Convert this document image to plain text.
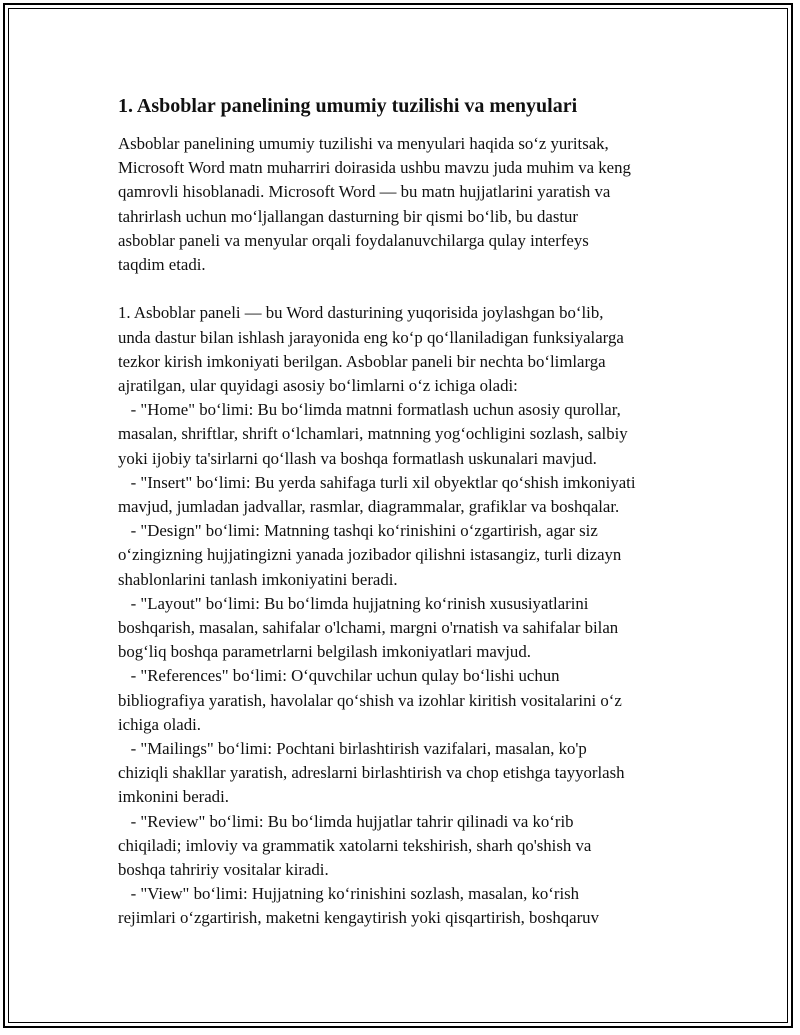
1. Asboblar panelining umumiy tuzilishi va menyulari
Asboblar panelining umumiy tuzilishi va menyulari haqida so‘z yuritsak,
Microsoft Word matn muharriri doirasida ushbu mavzu juda muhim va keng
qamrovli hisoblanadi. Microsoft Word — bu matn hujjatlarini yaratish va
tahrirlash uchun mo‘ljallangan dasturning bir qismi bo‘lib, bu dastur
asboblar paneli va menyular orqali foydalanuvchilarga qulay interfeys
taqdim etadi.
1. Asboblar paneli — bu Word dasturining yuqorisida joylashgan bo‘lib,
unda dastur bilan ishlash jarayonida eng ko‘p qo‘llaniladigan funksiyalarga
tezkor kirish imkoniyati berilgan. Asboblar paneli bir nechta bo‘limlarga
ajratilgan, ular quyidagi asosiy bo‘limlarni o‘z ichiga oladi:
- "Home" bo‘limi: Bu bo‘limda matnni formatlash uchun asosiy qurollar,
masalan, shriftlar, shrift o‘lchamlari, matnning yog‘ochligini sozlash, salbiy
yoki ijobiy ta'sirlarni qo‘llash va boshqa formatlash uskunalari mavjud.
- "Insert" bo‘limi: Bu yerda sahifaga turli xil obyektlar qo‘shish imkoniyati
mavjud, jumladan jadvallar, rasmlar, diagrammalar, grafiklar va boshqalar.
- "Design" bo‘limi: Matnning tashqi ko‘rinishini o‘zgartirish, agar siz
o‘zingizning hujjatingizni yanada jozibador qilishni istasangiz, turli dizayn
shablonlarini tanlash imkoniyatini beradi.
- "Layout" bo‘limi: Bu bo‘limda hujjatning ko‘rinish xususiyatlarini
boshqarish, masalan, sahifalar o'lchami, margni o'rnatish va sahifalar bilan
bog‘liq boshqa parametrlarni belgilash imkoniyatlari mavjud.
- "References" bo‘limi: O‘quvchilar uchun qulay bo‘lishi uchun
bibliografiya yaratish, havolalar qo‘shish va izohlar kiritish vositalarini o‘z
ichiga oladi.
- "Mailings" bo‘limi: Pochtani birlashtirish vazifalari, masalan, ko'p
chiziqli shakllar yaratish, adreslarni birlashtirish va chop etishga tayyorlash
imkonini beradi.
- "Review" bo‘limi: Bu bo‘limda hujjatlar tahrir qilinadi va ko‘rib
chiqiladi; imloviy va grammatik xatolarni tekshirish, sharh qo'shish va
boshqa tahririy vositalar kiradi.
- "View" bo‘limi: Hujjatning ko‘rinishini sozlash, masalan, ko‘rish
rejimlari o‘zgartirish, maketni kengaytirish yoki qisqartirish, boshqaruv
